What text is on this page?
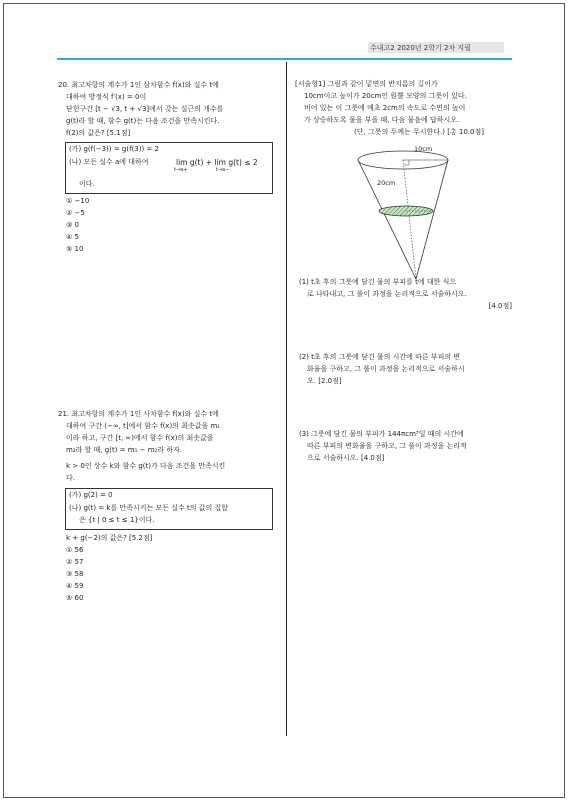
수내고2 2020년 2학기 2차 지필
20. 최고차항의 계수가 1인 삼차함수 f(x)와 실수 t에
대하여 방정식 f′(x) = 0이
닫힌구간 [t − √3, t + √3]에서 갖는 실근의 개수를
g(t)라 할 때, 함수 g(t)는 다음 조건을 만족시킨다.
f(2)의 값은? [5.1점]
(가) g(f(−3)) = g(f(3)) = 2
(나) 모든 실수 a에 대하여	lim g(t) + lim g(t) ≤ 2
t→a+	t→a−
이다.
① −10
② −5
③ 0
④ 5
⑤ 10
21. 최고차항의 계수가 1인 사차함수 f(x)와 실수 t에
대하여 구간 (−∞, t]에서 함수 f(x)의 최솟값을 m₁
이라 하고, 구간 [t, ∞)에서 함수 f(x)의 최솟값을
m₂라 할 때, g(t) = m₁ − m₂라 하자.
k > 0인 상수 k와 함수 g(t)가 다음 조건을 만족시킨
다.
(가) g(2) = 0
(나) g(t) = k를 만족시키는 모든 실수 t의 값의 집합
은 {t | 0 ≤ t ≤ 1}이다.
k + g(−2)의 값은? [5.2점]
① 56
② 57
③ 58
④ 59
⑤ 60
[서술형1] 그림과 같이 밑면의 반지름의 길이가
10cm이고 높이가 20cm인 원뿔 모양의 그릇이 있다.
비어 있는 이 그릇에 매초 2cm의 속도로 수면의 높이
가 상승하도록 물을 부을 때, 다음 물음에 답하시오.
(단, 그릇의 두께는 무시한다.) [총 10.0점]
10cm
20cm
(1) t초 후의 그릇에 담긴 물의 부피를 t에 대한 식으
로 나타내고, 그 풀이 과정을 논리적으로 서술하시오.
[4.0점]
(2) t초 후의 그릇에 담긴 물의 시간에 따른 부피의 변
화율을 구하고, 그 풀이 과정을 논리적으로 서술하시
오. [2.0점]
(3) 그릇에 담긴 물의 부피가 144πcm³일 때의 시간에
따른 부피의 변화율을 구하고, 그 풀이 과정을 논리적
으로 서술하시오. [4.0점]
